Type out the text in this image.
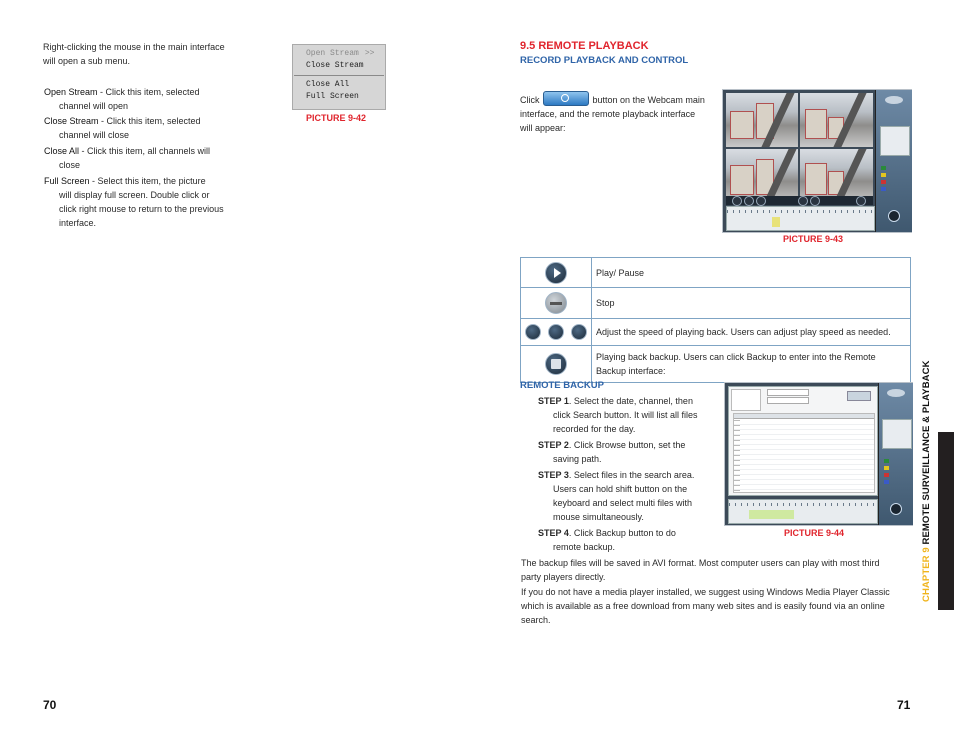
Right-clicking the mouse in the main interface

will open a sub menu.

Open Stream - Click this item, selected
channel will open
Close Stream - Click this item, selected
channel will close
Close All - Click this item, all channels will
close
Full Screen - Select this item, the picture
will display full screen. Double click or
click right mouse to return to the previous
interface.
Open Stream >>
Close Stream
Close All
Full Screen
PICTURE 9-42
70
9.5 REMOTE PLAYBACK
RECORD PLAYBACK AND CONTROL

Click	button on the Webcam main

interface, and the remote playback interface

will appear:

PICTURE 9-43
	Play/ Pause

	Stop
	Adjust the speed of playing back. Users can adjust play speed as needed.

	Playing back backup. Users can click Backup to enter into the Remote Backup interface:
REMOTE BACKUP
STEP 1. Select the date, channel, then
click Search button. It will list all files
recorded for the day.
STEP 2. Click Browse button, set the
saving path.
STEP 3. Select files in the search area.
Users can hold shift button on the
keyboard and select multi files with
mouse simultaneously.
STEP 4. Click Backup button to do
remote backup.
PICTURE 9-44

The backup files will be saved in AVI format. Most computer users can play with most third

party players directly.

If you do not have a media player installed, we suggest using Windows Media Player Classic

which is available as a free download from many web sites and is easily found via an online

search.

CHAPTER 9 REMOTE SURVEILLANCE & PLAYBACK
71
